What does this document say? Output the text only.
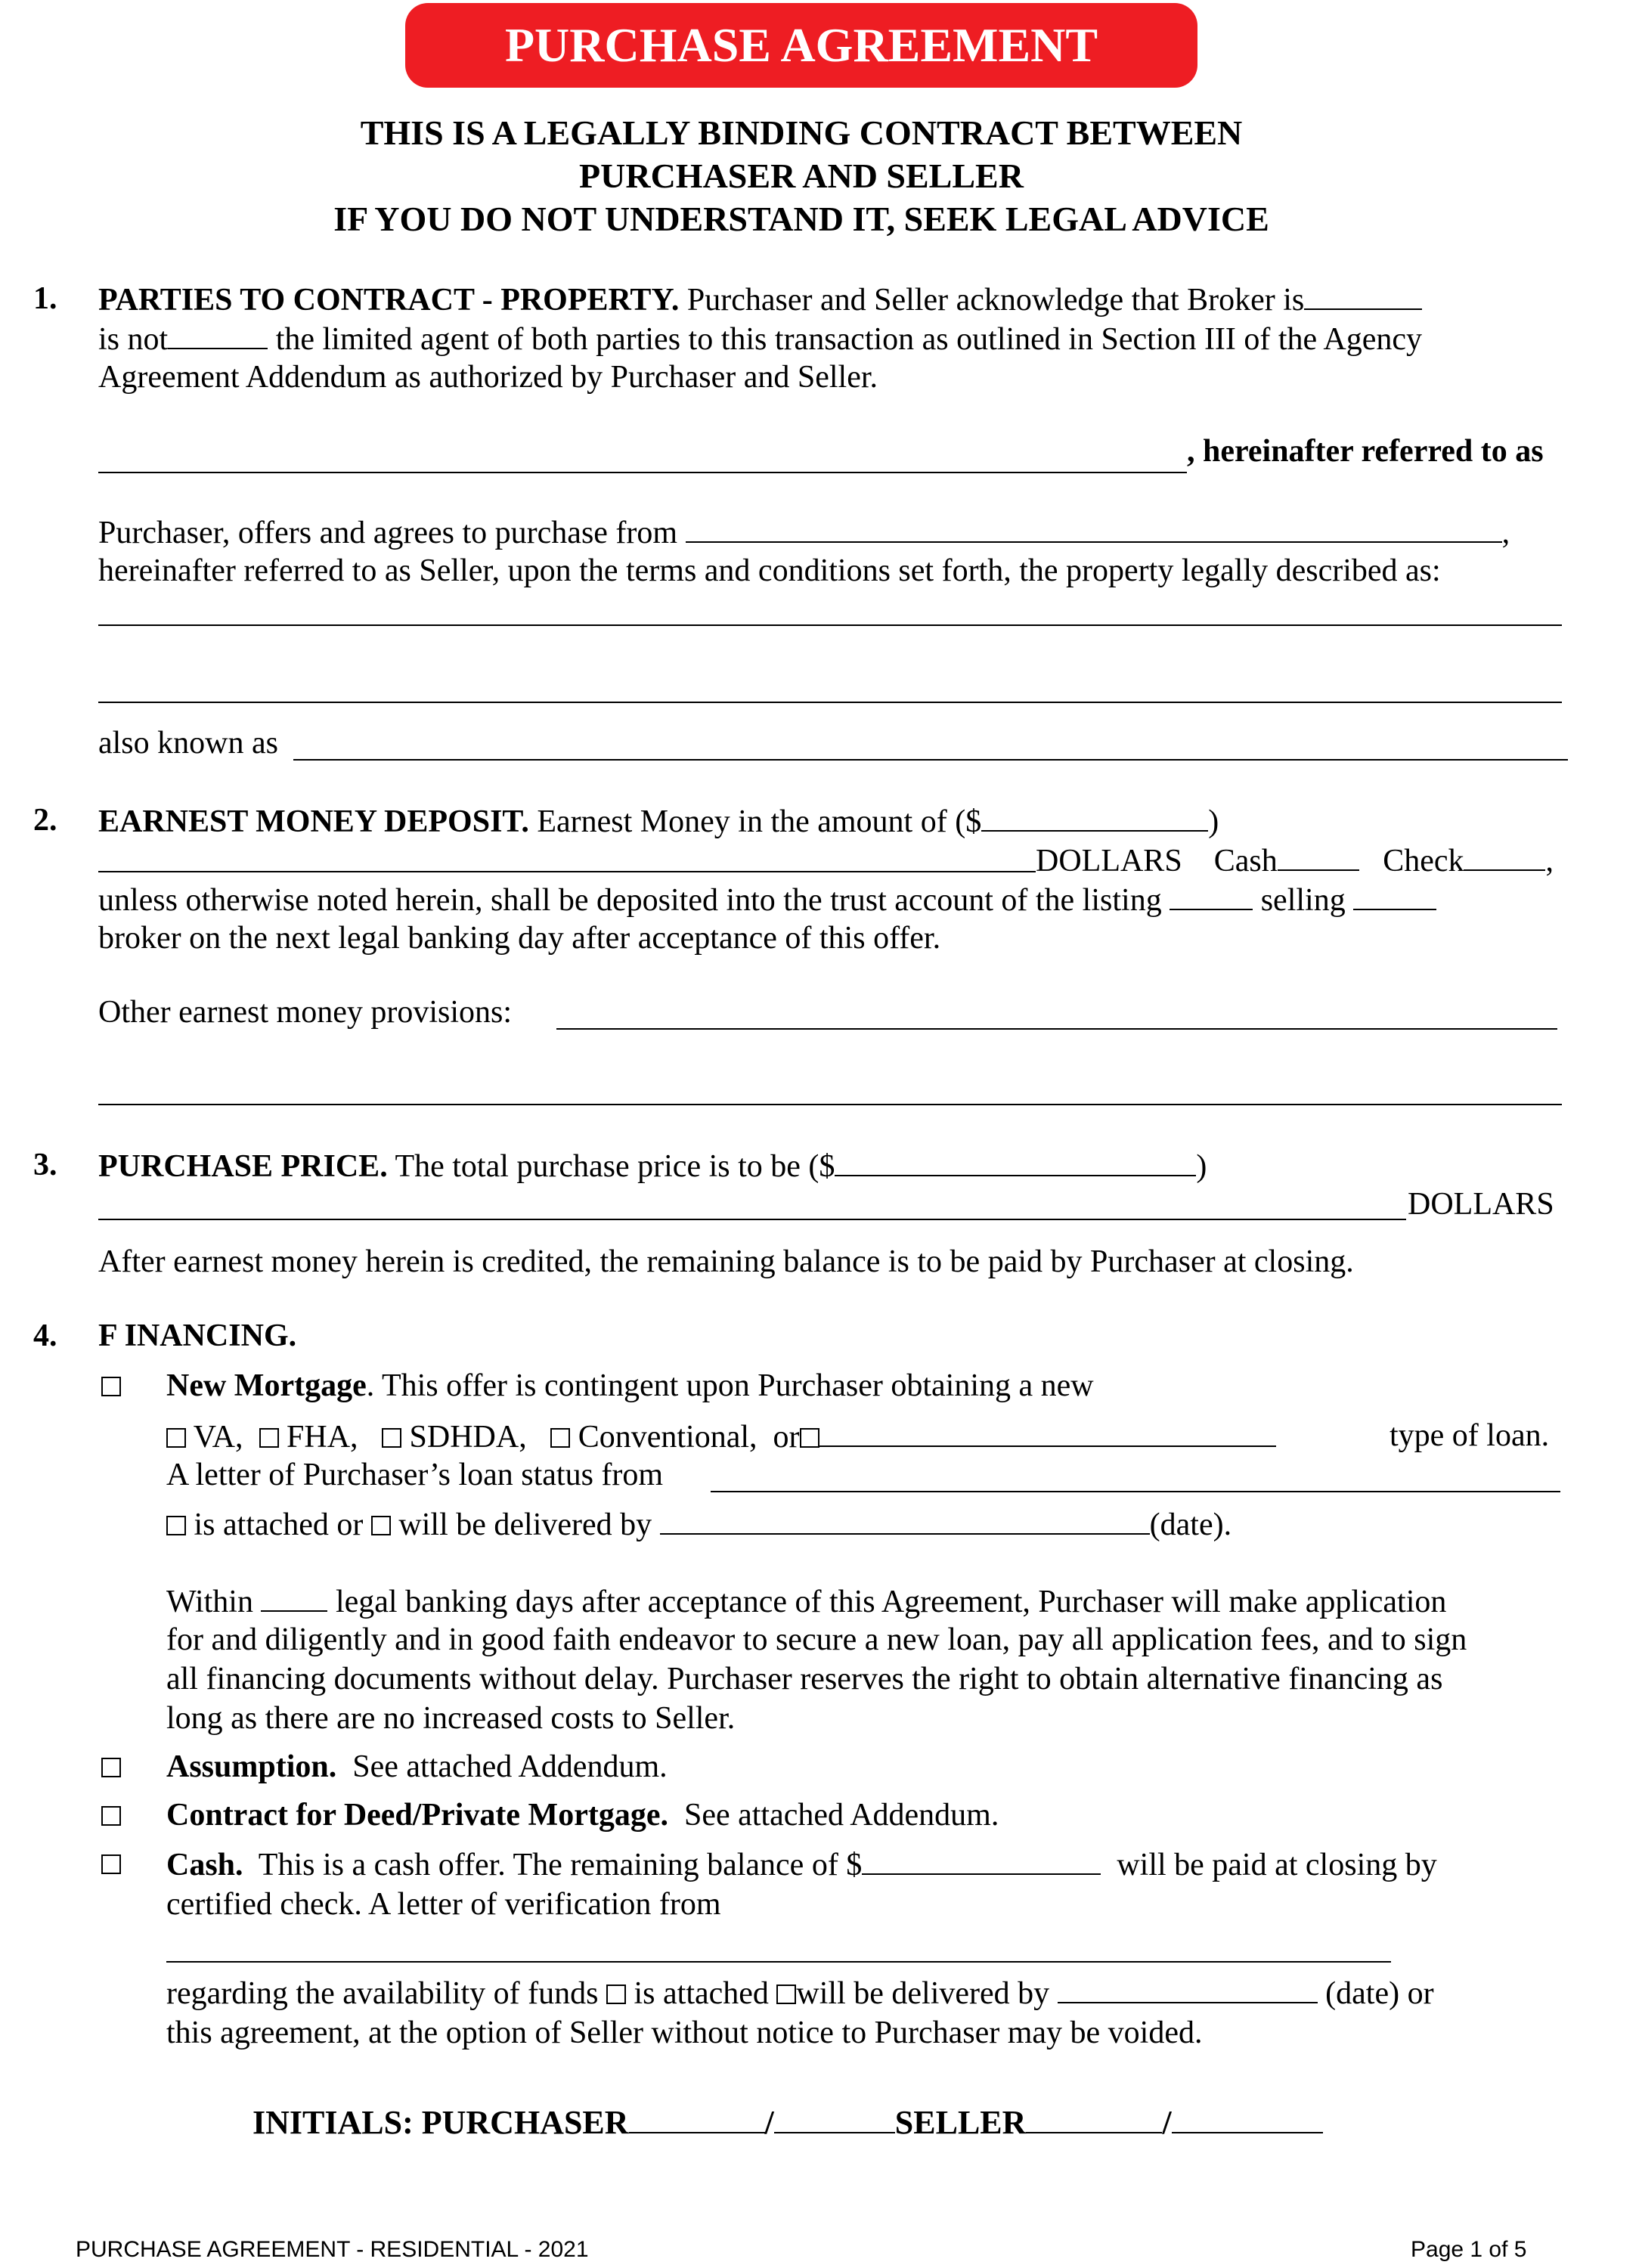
PURCHASE AGREEMENT
THIS IS A LEGALLY BINDING CONTRACT BETWEEN
PURCHASER AND SELLER
IF YOU DO NOT UNDERSTAND IT, SEEK LEGAL ADVICE
1. PARTIES TO CONTRACT - PROPERTY. Purchaser and Seller acknowledge that Broker is
is not	the limited agent of both parties to this transaction as outlined in Section III of the Agency
Agreement Addendum as authorized by Purchaser and Seller.
, hereinafter referred to as
Purchaser, offers and agrees to purchase from	,
hereinafter referred to as Seller, upon the terms and conditions set forth, the property legally described as:
also known as
2. EARNEST MONEY DEPOSIT. Earnest Money in the amount of ($	)
DOLLARS Cash	Check	,
unless otherwise noted herein, shall be deposited into the trust account of the listing	selling
broker on the next legal banking day after acceptance of this offer.
Other earnest money provisions:
3. PURCHASE PRICE. The total purchase price is to be ($	)
DOLLARS
After earnest money herein is credited, the remaining balance is to be paid by Purchaser at closing.
4. F INANCING.
New Mortgage. This offer is contingent upon Purchaser obtaining a new
VA, FHA, SDHDA, Conventional, or	type of loan.
A letter of Purchaser’s loan status from
is attached or will be delivered by	(date).
Within	legal banking days after acceptance of this Agreement, Purchaser will make application
for and diligently and in good faith endeavor to secure a new loan, pay all application fees, and to sign
all financing documents without delay. Purchaser reserves the right to obtain alternative financing as
long as there are no increased costs to Seller.
Assumption. See attached Addendum.
Contract for Deed/Private Mortgage. See attached Addendum.
Cash. This is a cash offer. The remaining balance of $	will be paid at closing by
certified check. A letter of verification from
regarding the availability of funds is attached will be delivered by	(date) or
this agreement, at the option of Seller without notice to Purchaser may be voided.
INITIALS: PURCHASER	/	SELLER	/
PURCHASE AGREEMENT - RESIDENTIAL - 2021	Page 1 of 5
